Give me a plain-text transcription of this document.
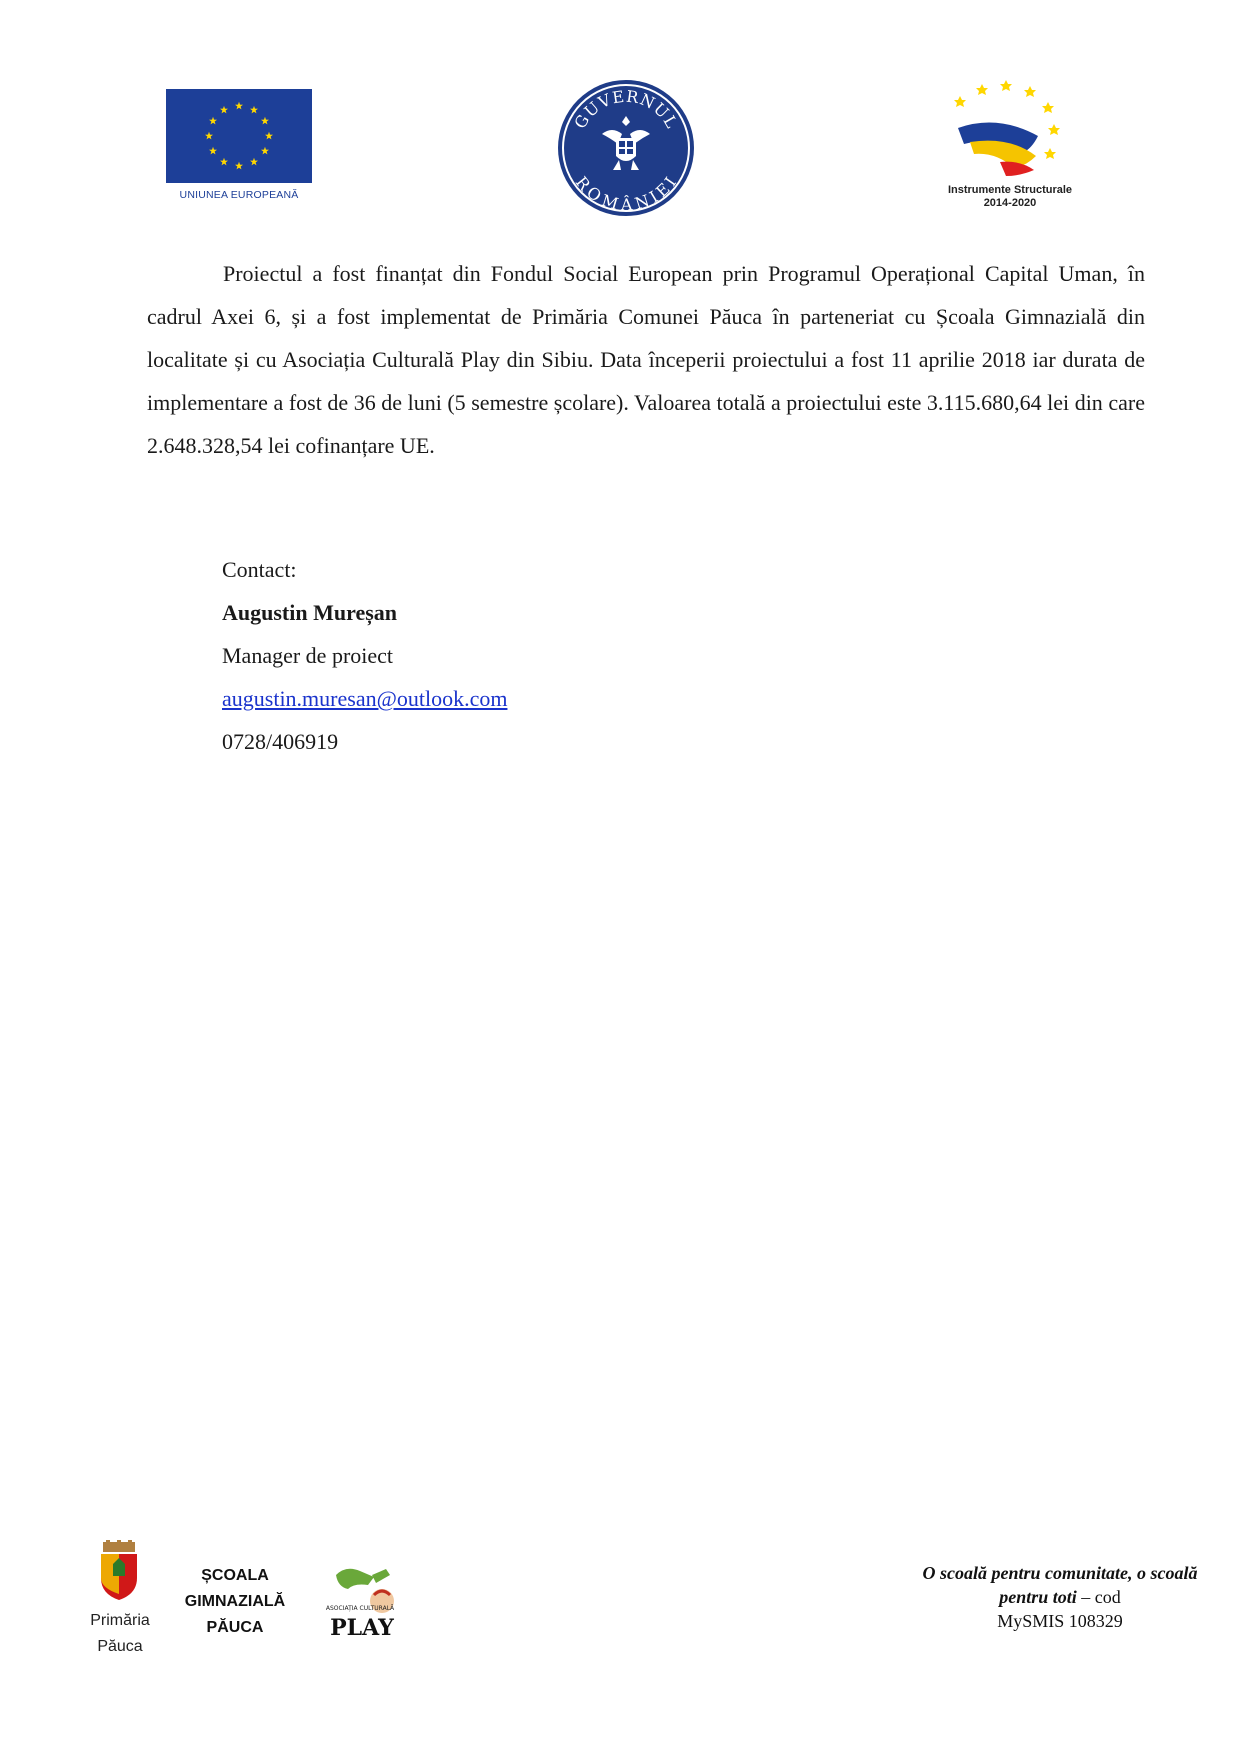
UNIUNEA EUROPEANĂ
GUVERNUL
ROMÂNIEI
Instrumente Structurale
2014-2020

Proiectul a fost finanțat din Fondul Social European prin Programul Operațional Capital Uman, în cadrul Axei 6, și a fost implementat de Primăria Comunei Păuca în parteneriat cu Școala Gimnazială din localitate și cu Asociația Culturală Play din Sibiu. Data începerii proiectului a fost 11 aprilie 2018 iar durata de implementare a fost de 36 de luni (5 semestre școlare). Valoarea totală a proiectului este 3.115.680,64 lei din care 2.648.328,54 lei cofinanțare UE.

Contact:
Augustin Mureșan
Manager de proiect
augustin.muresan@outlook.com
0728/406919
Primăria
Păuca
ȘCOALA
GIMNAZIALĂ
PĂUCA
ASOCIAȚIA CULTURALĂ
PLAY
O scoală pentru comunitate, o scoală pentru toti – cod
MySMIS 108329
